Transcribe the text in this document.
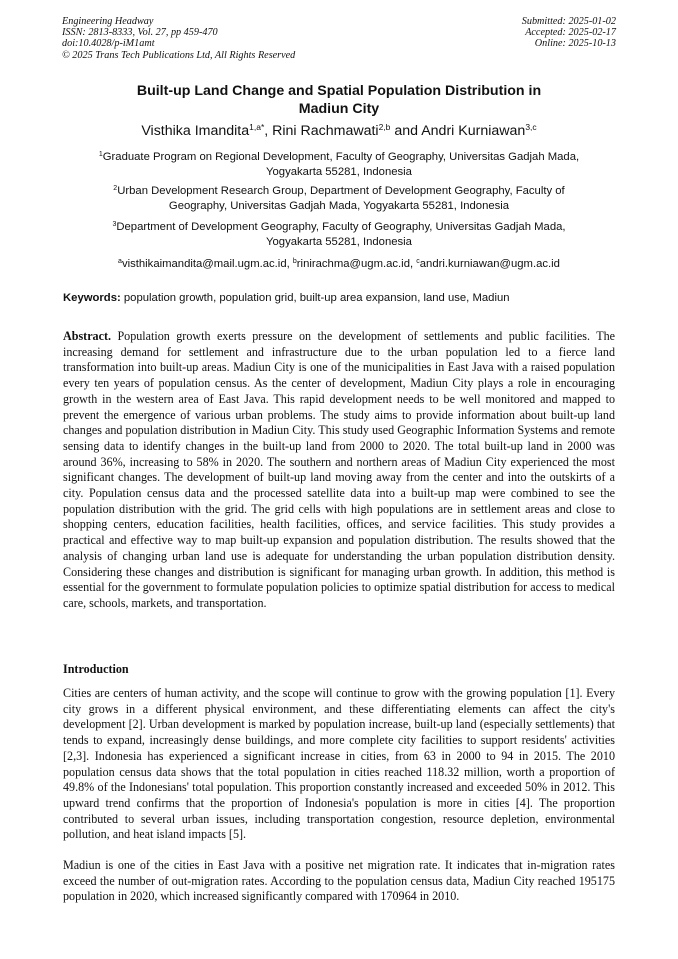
Engineering Headway
ISSN: 2813-8333, Vol. 27, pp 459-470
doi:10.4028/p-iM1amt
© 2025 Trans Tech Publications Ltd, All Rights Reserved
Submitted: 2025-01-02
Accepted: 2025-02-17
Online: 2025-10-13
Built-up Land Change and Spatial Population Distribution in
Madiun City
Visthika Imandita$^{1,a*}$, Rini Rachmawati$^{2,b}$ and Andri Kurniawan$^{3,c}$
$^1$Graduate Program on Regional Development, Faculty of Geography, Universitas Gadjah Mada,
Yogyakarta 55281, Indonesia
$^2$Urban Development Research Group, Department of Development Geography, Faculty of
Geography, Universitas Gadjah Mada, Yogyakarta 55281, Indonesia
$^3$Department of Development Geography, Faculty of Geography, Universitas Gadjah Mada,
Yogyakarta 55281, Indonesia
$^a$visthikaimandita@mail.ugm.ac.id, $^b$rinirachma@ugm.ac.id, $^c$andri.kurniawan@ugm.ac.id
Keywords: population growth, population grid, built-up area expansion, land use, Madiun
Abstract. Population growth exerts pressure on the development of settlements and public facilities. The increasing demand for settlement and infrastructure due to the urban population led to a fierce land transformation into built-up areas. Madiun City is one of the municipalities in East Java with a raised population every ten years of population census. As the center of development, Madiun City plays a role in encouraging growth in the western area of East Java. This rapid development needs to be well monitored and mapped to prevent the emergence of various urban problems. The study aims to provide information about built-up land changes and population distribution in Madiun City. This study used Geographic Information Systems and remote sensing data to identify changes in the built-up land from 2000 to 2020. The total built-up land in 2000 was around 36%, increasing to 58% in 2020. The southern and northern areas of Madiun City experienced the most significant changes. The development of built-up land moving away from the center and into the outskirts of a city. Population census data and the processed satellite data into a built-up map were combined to see the population distribution with the grid. The grid cells with high populations are in settlement areas and close to shopping centers, education facilities, health facilities, offices, and service facilities. This study provides a practical and effective way to map built-up expansion and population distribution. The results showed that the analysis of changing urban land use is adequate for understanding the urban population distribution density. Considering these changes and distribution is significant for managing urban growth. In addition, this method is essential for the government to formulate population policies to optimize spatial distribution for access to medical care, schools, markets, and transportation.
Introduction
Cities are centers of human activity, and the scope will continue to grow with the growing population [1]. Every city grows in a different physical environment, and these differentiating elements can affect the city's development [2]. Urban development is marked by population increase, built-up land (especially settlements) that tends to expand, increasingly dense buildings, and more complete city facilities to support residents' activities [2,3]. Indonesia has experienced a significant increase in cities, from 63 in 2000 to 94 in 2015. The 2010 population census data shows that the total population in cities reached 118.32 million, worth a proportion of 49.8% of the Indonesians' total population. This proportion constantly increased and exceeded 50% in 2012. This upward trend confirms that the proportion of Indonesia's population is more in cities [4]. The proportion contributed to several urban issues, including transportation congestion, resource depletion, environmental pollution, and heat island impacts [5].
Madiun is one of the cities in East Java with a positive net migration rate. It indicates that in-migration rates exceed the number of out-migration rates. According to the population census data, Madiun City reached 195175 population in 2020, which increased significantly compared with 170964 in 2010.
